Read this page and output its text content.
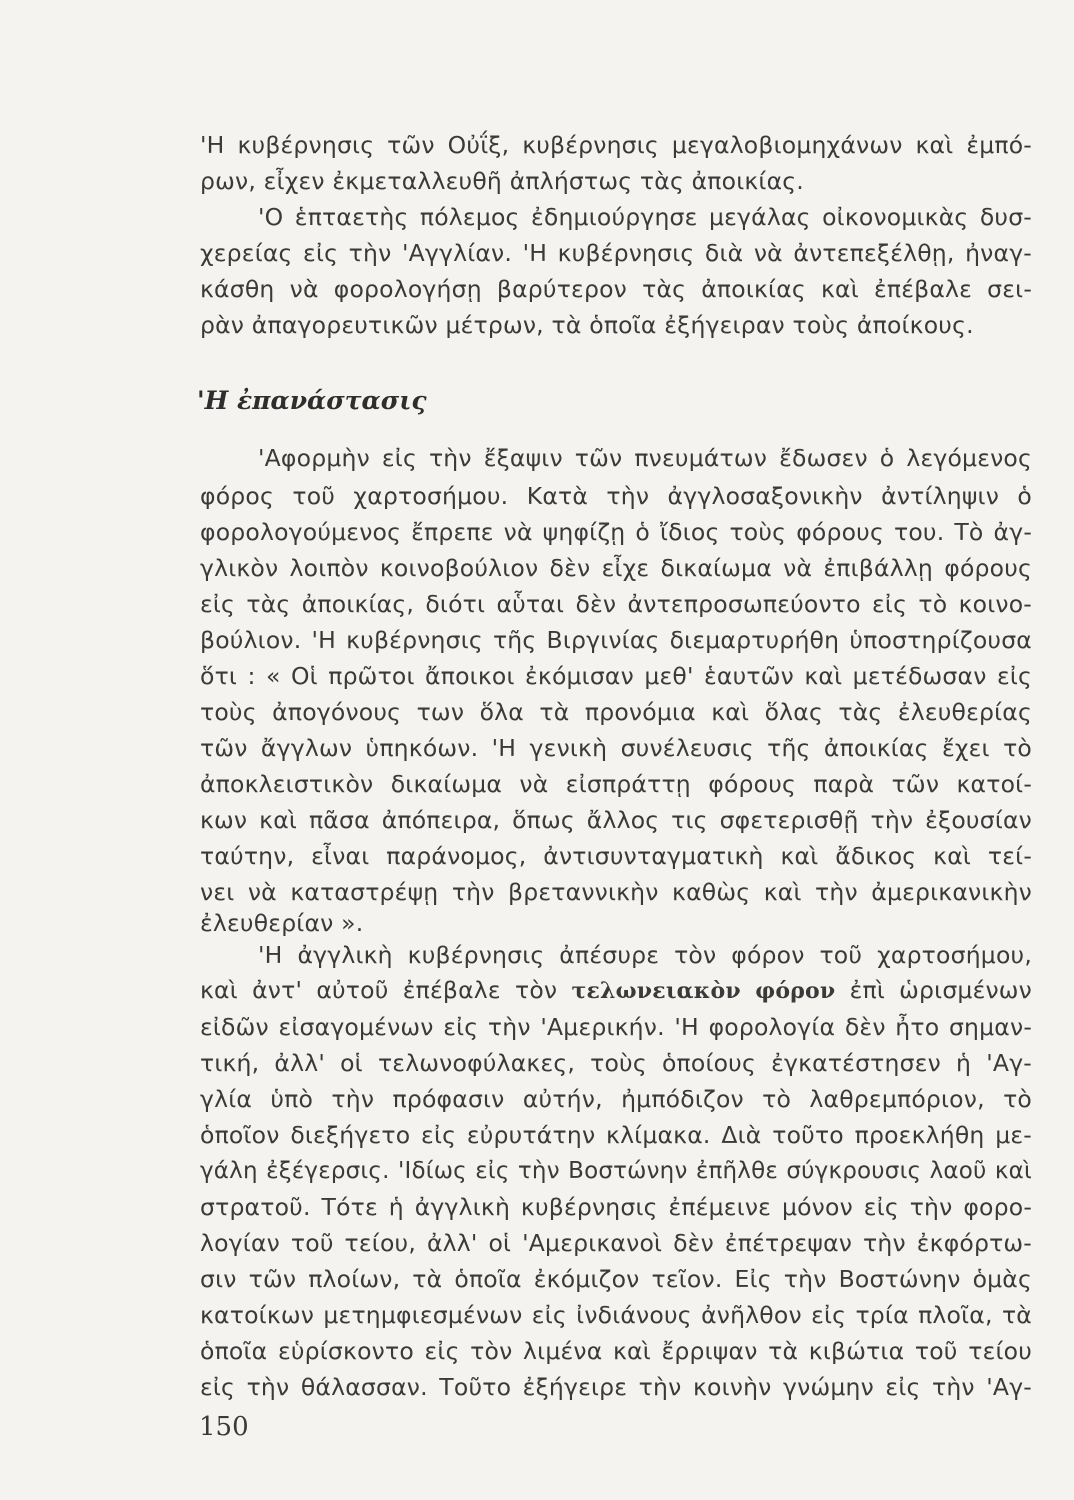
'Η κυβέρνησις τῶν Οὐΐξ, κυβέρνησις μεγαλοβιομηχάνων καὶ ἐμπό-
ρων, εἶχεν ἐκμεταλλευθῆ ἀπλήστως τὰς ἀποικίας.
'Ο ἑπταετὴς πόλεμος ἐδημιούργησε μεγάλας οἰκονομικὰς δυσ-
χερείας εἰς τὴν 'Αγγλίαν. 'Η κυβέρνησις διὰ νὰ ἀντεπεξέλθῃ, ἠναγ-
κάσθη νὰ φορολογήσῃ βαρύτερον τὰς ἀποικίας καὶ ἐπέβαλε σει-
ρὰν ἀπαγορευτικῶν μέτρων, τὰ ὁποῖα ἐξήγειραν τοὺς ἀποίκους.
'Η ἐπανάστασις
'Αφορμὴν εἰς τὴν ἔξαψιν τῶν πνευμάτων ἔδωσεν ὁ λεγόμενος
φόρος τοῦ χαρτοσήμου. Κατὰ τὴν ἀγγλοσαξονικὴν ἀντίληψιν ὁ
φορολογούμενος ἔπρεπε νὰ ψηφίζῃ ὁ ἴδιος τοὺς φόρους του. Τὸ ἀγ-
γλικὸν λοιπὸν κοινοβούλιον δὲν εἶχε δικαίωμα νὰ ἐπιβάλλῃ φόρους
εἰς τὰς ἀποικίας, διότι αὗται δὲν ἀντεπροσωπεύοντο εἰς τὸ κοινο-
βούλιον. 'Η κυβέρνησις τῆς Βιργινίας διεμαρτυρήθη ὑποστηρίζουσα
ὅτι : « Οἱ πρῶτοι ἄποικοι ἐκόμισαν μεθ' ἑαυτῶν καὶ μετέδωσαν εἰς
τοὺς ἀπογόνους των ὅλα τὰ προνόμια καὶ ὅλας τὰς ἐλευθερίας
τῶν ἄγγλων ὑπηκόων. 'Η γενικὴ συνέλευσις τῆς ἀποικίας ἔχει τὸ
ἀποκλειστικὸν δικαίωμα νὰ εἰσπράττῃ φόρους παρὰ τῶν κατοί-
κων καὶ πᾶσα ἀπόπειρα, ὅπως ἄλλος τις σφετερισθῇ τὴν ἐξουσίαν
ταύτην, εἶναι παράνομος, ἀντισυνταγματικὴ καὶ ἄδικος καὶ τεί-
νει νὰ καταστρέψῃ τὴν βρεταννικὴν καθὼς καὶ τὴν ἀμερικανικὴν
ἐλευθερίαν ».
'Η ἀγγλικὴ κυβέρνησις ἀπέσυρε τὸν φόρον τοῦ χαρτοσήμου,
καὶ ἀντ' αὐτοῦ ἐπέβαλε τὸν τελωνειακὸν φόρον ἐπὶ ὡρισμένων
εἰδῶν εἰσαγομένων εἰς τὴν 'Αμερικήν. 'Η φορολογία δὲν ἦτο σημαν-
τική, ἀλλ' οἱ τελωνοφύλακες, τοὺς ὁποίους ἐγκατέστησεν ἡ 'Αγ-
γλία ὑπὸ τὴν πρόφασιν αὐτήν, ἠμπόδιζον τὸ λαθρεμπόριον, τὸ
ὁποῖον διεξήγετο εἰς εὐρυτάτην κλίμακα. Διὰ τοῦτο προεκλήθη με-
γάλη ἐξέγερσις. 'Ιδίως εἰς τὴν Βοστώνην ἐπῆλθε σύγκρουσις λαοῦ καὶ
στρατοῦ. Τότε ἡ ἀγγλικὴ κυβέρνησις ἐπέμεινε μόνον εἰς τὴν φορο-
λογίαν τοῦ τείου, ἀλλ' οἱ 'Αμερικανοὶ δὲν ἐπέτρεψαν τὴν ἐκφόρτω-
σιν τῶν πλοίων, τὰ ὁποῖα ἐκόμιζον τεῖον. Εἰς τὴν Βοστώνην ὁμὰς
κατοίκων μετημφιεσμένων εἰς ἰνδιάνους ἀνῆλθον εἰς τρία πλοῖα, τὰ
ὁποῖα εὑρίσκοντο εἰς τὸν λιμένα καὶ ἔρριψαν τὰ κιβώτια τοῦ τείου
εἰς τὴν θάλασσαν. Τοῦτο ἐξήγειρε τὴν κοινὴν γνώμην εἰς τὴν 'Αγ-
150
